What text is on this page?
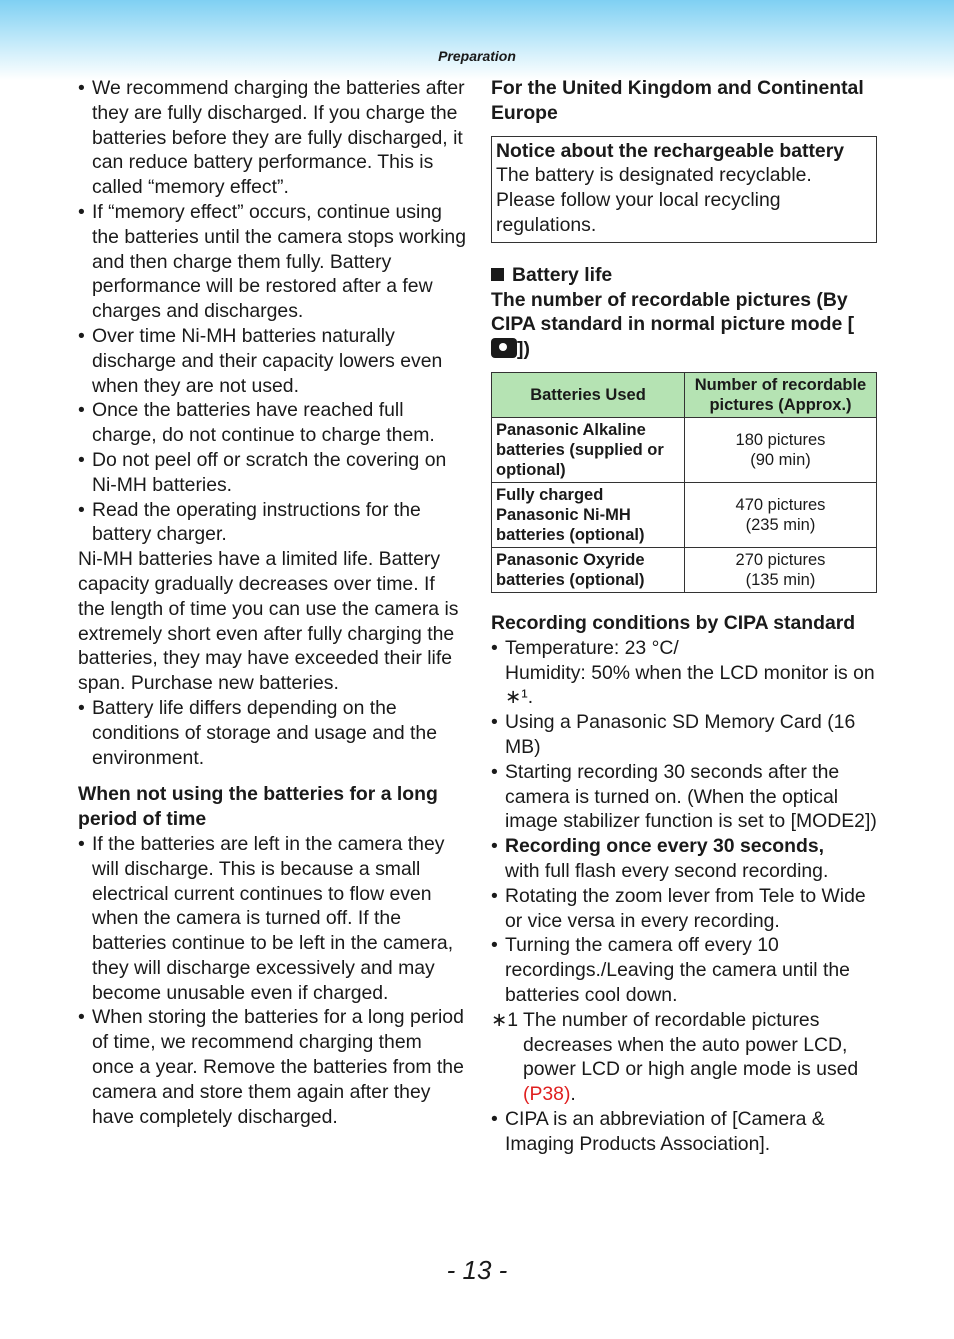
Preparation
• We recommend charging the batteries after they are fully discharged. If you charge the batteries before they are fully discharged, it can reduce battery performance. This is called “memory effect”.
• If “memory effect” occurs, continue using the batteries until the camera stops working and then charge them fully. Battery performance will be restored after a few charges and discharges.
• Over time Ni-MH batteries naturally discharge and their capacity lowers even when they are not used.
• Once the batteries have reached full charge, do not continue to charge them.
• Do not peel off or scratch the covering on Ni-MH batteries.
• Read the operating instructions for the battery charger.

Ni-MH batteries have a limited life. Battery capacity gradually decreases over time. If the length of time you can use the camera is extremely short even after fully charging the batteries, they may have exceeded their life span. Purchase new batteries.

• Battery life differs depending on the conditions of storage and usage and the environment.

When not using the batteries for a long period of time

• If the batteries are left in the camera they will discharge. This is because a small electrical current continues to flow even when the camera is turned off. If the batteries continue to be left in the camera, they will discharge excessively and may become unusable even if charged.
• When storing the batteries for a long period of time, we recommend charging them once a year. Remove the batteries from the camera and store them again after they have completely discharged.

For the United Kingdom and Continental Europe

Notice about the rechargeable battery
The battery is designated recyclable. Please follow your local recycling regulations.

Battery life

The number of recordable pictures (By CIPA standard in normal picture mode [])

Batteries Used	Number of recordable pictures (Approx.)
Panasonic Alkaline batteries (supplied or optional)	180 pictures
(90 min)
Fully charged Panasonic Ni-MH batteries (optional)	470 pictures
(235 min)
Panasonic Oxyride batteries (optional)	270 pictures
(135 min)

Recording conditions by CIPA standard

• Temperature: 23 °C/
Humidity: 50% when the LCD monitor is on ∗¹.
• Using a Panasonic SD Memory Card (16 MB)
• Starting recording 30 seconds after the camera is turned on. (When the optical image stabilizer function is set to [MODE2])
• Recording once every 30 seconds,
with full flash every second recording.
• Rotating the zoom lever from Tele to Wide or vice versa in every recording.
• Turning the camera off every 10 recordings./Leaving the camera until the batteries cool down.
∗1 The number of recordable pictures decreases when the auto power LCD, power LCD or high angle mode is used (P38).
• CIPA is an abbreviation of [Camera & Imaging Products Association].
- 13 -
